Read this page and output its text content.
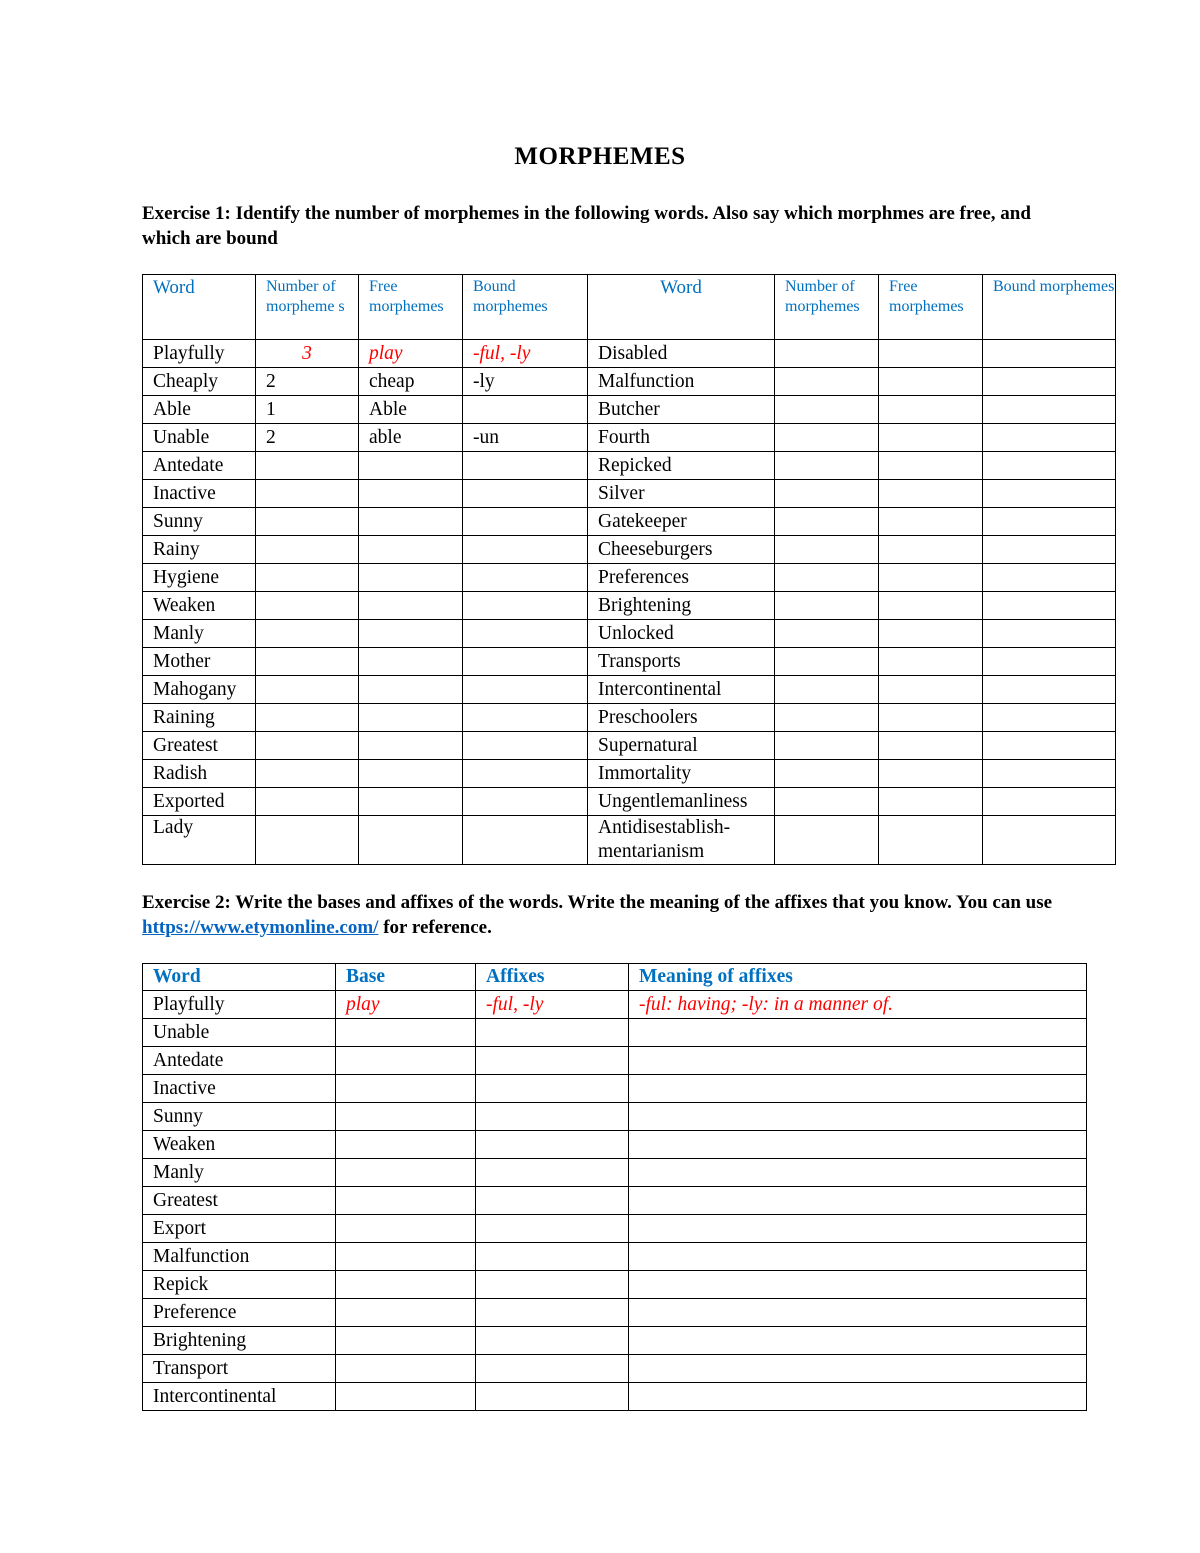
MORPHEMES
Exercise 1: Identify the number of morphemes in the following words. Also say which morphmes are free, and which are bound
Word	Number of morpheme s	Free morphemes	Bound morphemes	Word	Number of morphemes	Free morphemes	Bound morphemes
Playfully	3	play	-ful, -ly	Disabled			
Cheaply	2	cheap	-ly	Malfunction			
Able	1	Able		Butcher			
Unable	2	able	-un	Fourth			
Antedate				Repicked			
Inactive				Silver			
Sunny				Gatekeeper			
Rainy				Cheeseburgers			
Hygiene				Preferences			
Weaken				Brightening			
Manly				Unlocked			
Mother				Transports			
Mahogany				Intercontinental			
Raining				Preschoolers			
Greatest				Supernatural			
Radish				Immortality			
Exported				Ungentlemanliness			
Lady				Antidisestablish-mentarianism			
Exercise 2: Write the bases and affixes of the words. Write the meaning of the affixes that you know. You can use https://www.etymonline.com/ for reference.
Word	Base	Affixes	Meaning of affixes
Playfully	play	-ful, -ly	-ful: having; -ly: in a manner of.
Unable			
Antedate			
Inactive			
Sunny			
Weaken			
Manly			
Greatest			
Export			
Malfunction			
Repick			
Preference			
Brightening			
Transport			
Intercontinental			
